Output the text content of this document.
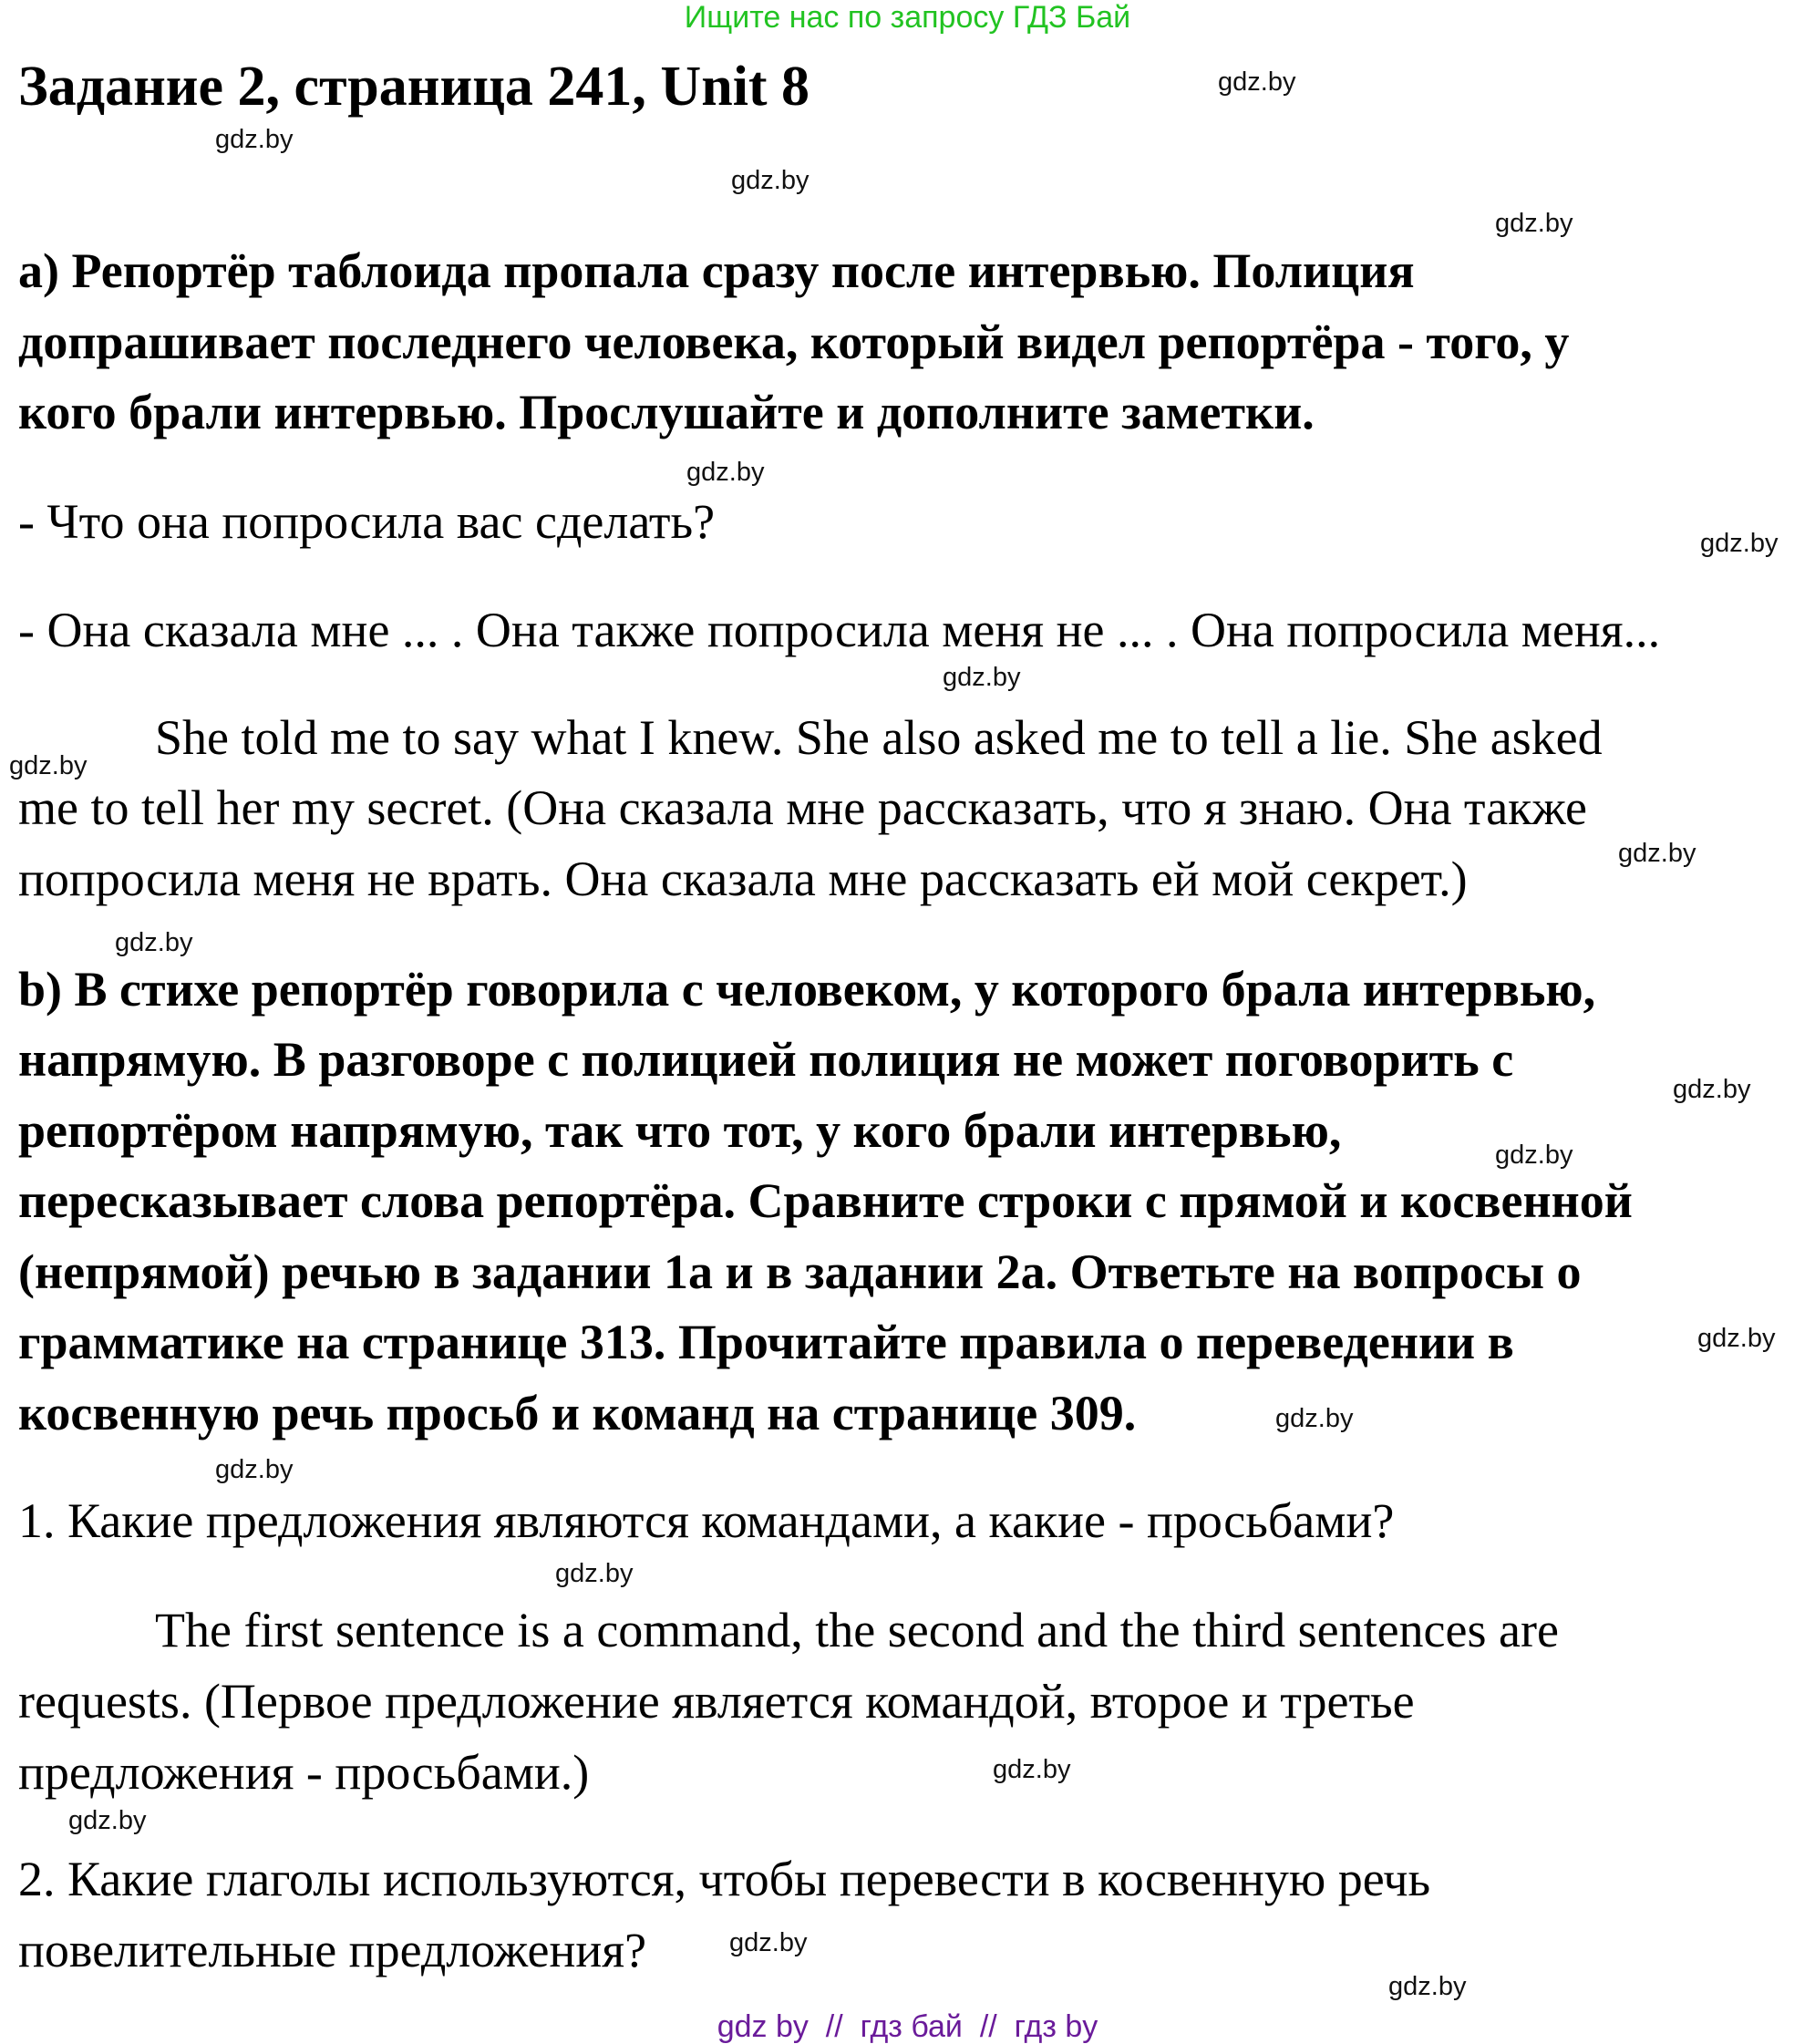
Ищите нас по запросу ГДЗ Бай
Задание 2, страница 241, Unit 8
а) Репортёр таблоида пропала сразу после интервью. Полиция
допрашивает последнего человека, который видел репортёра - того, у
кого брали интервью. Прослушайте и дополните заметки.
- Что она попросила вас сделать?
- Она сказала мне ... . Она также попросила меня не ... . Она попросила меня...
She told me to say what I knew. She also asked me to tell a lie. She asked
me to tell her my secret. (Она сказала мне рассказать, что я знаю. Она также
попросила меня не врать. Она сказала мне рассказать ей мой секрет.)
b) В стихе репортёр говорила с человеком, у которого брала интервью,
напрямую. В разговоре с полицией полиция не может поговорить с
репортёром напрямую, так что тот, у кого брали интервью,
пересказывает слова репортёра. Сравните строки с прямой и косвенной
(непрямой) речью в задании 1а и в задании 2а. Ответьте на вопросы о
грамматике на странице 313. Прочитайте правила о переведении в
косвенную речь просьб и команд на странице 309.
1. Какие предложения являются командами, а какие - просьбами?
The first sentence is a command, the second and the third sentences are
requests. (Первое предложение является командой, второе и третье
предложения - просьбами.)
2. Какие глаголы используются, чтобы перевести в косвенную речь
повелительные предложения?
gdz.by
gdz.by
gdz.by
gdz.by
gdz.by
gdz.by
gdz.by
gdz.by
gdz.by
gdz.by
gdz.by
gdz.by
gdz.by
gdz.by
gdz.by
gdz.by
gdz.by
gdz.by
gdz.by
gdz.by
gdz by  //  гдз бай  //  гдз by
